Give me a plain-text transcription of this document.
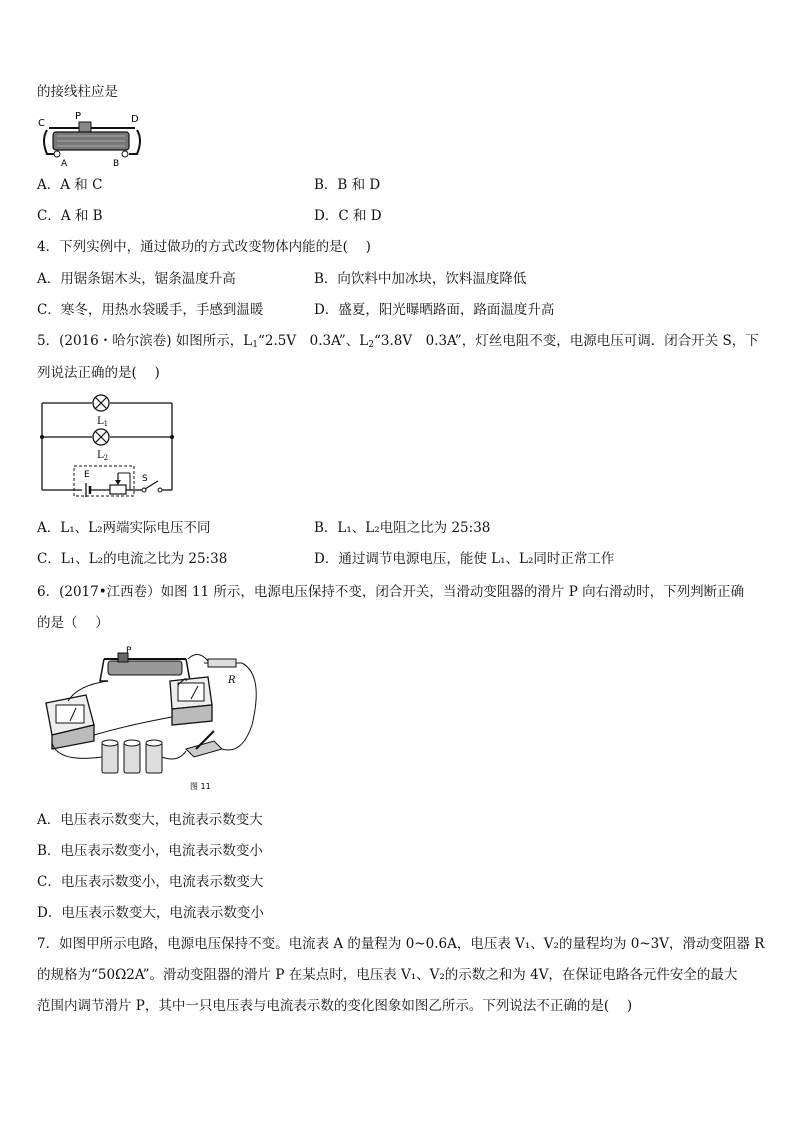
的接线柱应是
C
P	D
A	B
A．A 和 C	B．B 和 D
C．A 和 B	D．C 和 D
4．下列实例中，通过做功的方式改变物体内能的是(　 )
A．用锯条锯木头，锯条温度升高	B．向饮料中加冰块，饮料温度降低
C．寒冬，用热水袋暖手，手感到温暖	D．盛夏，阳光曝晒路面，路面温度升高
5．(2016・哈尔滨卷) 如图所示，$L_1“2.5V$　0.3A”、$L_2“3.8V$　0.3A”，灯丝电阻不变，电源电压可调．闭合开关 S，下
列说法正确的是(　 )
$L_1$
$L_2$
E	S
A．L₁、L₂两端实际电压不同	B．L₁、L₂电阻之比为 25:38
C．L₁、L₂的电流之比为 25:38	D．通过调节电源电压，能使 L₁、L₂同时正常工作
6．(2017•江西卷）如图 11 所示，电源电压保持不变，闭合开关，当滑动变阻器的滑片 P 向右滑动时，下列判断正确
的是（　 ）
P
R
图 11
A．电压表示数变大，电流表示数变大
B．电压表示数变小，电流表示数变小
C．电压表示数变小，电流表示数变大
D．电压表示数变大，电流表示数变小
7．如图甲所示电路，电源电压保持不变。电流表 A 的量程为 0~0.6A，电压表 V₁、V₂的量程均为 0~3V，滑动变阻器 R
的规格为“50Ω2A”。滑动变阻器的滑片 P 在某点时，电压表 V₁、V₂的示数之和为 4V，在保证电路各元件安全的最大
范围内调节滑片 P，其中一只电压表与电流表示数的变化图象如图乙所示。下列说法不正确的是(　 )
